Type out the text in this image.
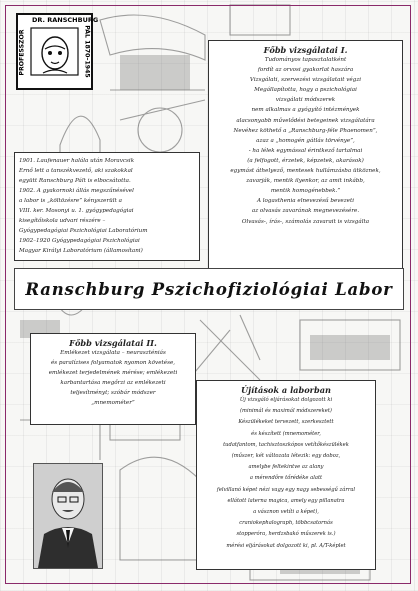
DR. RANSCHBURG
PROFESSZOR	PÁL 1870–1945	Főbb vizsgálatai I.

Tudományos tapasztalatként

fordít az orvosi gyakorlat haszára

Vizsgálati, szervezési vizsgálatait végzi

Megállapította, hogy a pszichológiai

vizsgálati módszerek

nem alkalmas a gyógyító intézmények

alacsonyabb művelődési betegeinek vizsgálatára

Nevéhez köthető a „Ranschburg-féle Phaenomen”,

azaz a „homogén gátlás törvénye”,

- ha lélek egymással érintkező tartalmai

(a felfogott, érzetek, képzetek, akarások)

egymást áthelyező, mentesek hullámzásba ütköznek,

zavarják, mentik ilyenkor, az amit inkább,

mentik homogénebbek.”

A logasthenia elnevezésű bevezeti

az olvasás zavarának megnevezésére.

Olvasás-, írás-, számolás zavarait is vizsgálta

1901. Laufenauer halála után Moravcsik

Ernő lett a tanszékvezető, aki szakokkal

együtt Ranschburg Pált is elbocsátotta.

1902. A gyakornoki állás megszűnésével

a labor is „költözésre” kényszerült a

VIII. ker. Mosonyi u. 1. gyógypedagógiai

kisegítőiskola udvari részére –

Gyógypedagógiai Pszichológiai Laboratórium

1902–1920 Gyógypedagógiai Pszichológiai

Magyar Királyi Laboratórium (államosítani)

Ranschburg Pszichofiziológiai Labor

Főbb vizsgálatai II.

Emlékezet vizsgálata – neuraszténiás

és paralízises folyamatok nyomon követése,

emlékezet terjedelmének mérése; emlékezeti

karbantartása megőrzi az emlékezeti

teljesítményt; szóbár módszer

„mnemométer”

Újítások a laborban

Új vizsgáló eljárásokat dolgozott ki

(minimál és maximál módszereket)

Készülékeket tervezett, szerkesztett

és készített (mnemométer,

tudatfantom, tachisztoszkópos vetítőkészülékek

(műszer, két változata létezik: egy doboz,

amelybe feltekintve az alany

a mérendőre tőrédéke alatt

felvillanó képet nézi vagy egy nagy sebességű zárral

ellátott laterna magica, amely egy pillanatra

a vásznon vetíti a képet),

craniokephalograph, többcsatornás

stopperóra, herdzsbakó műszerek is.)

mérési eljárásokat dolgozott ki, pl. A/T-képlet
